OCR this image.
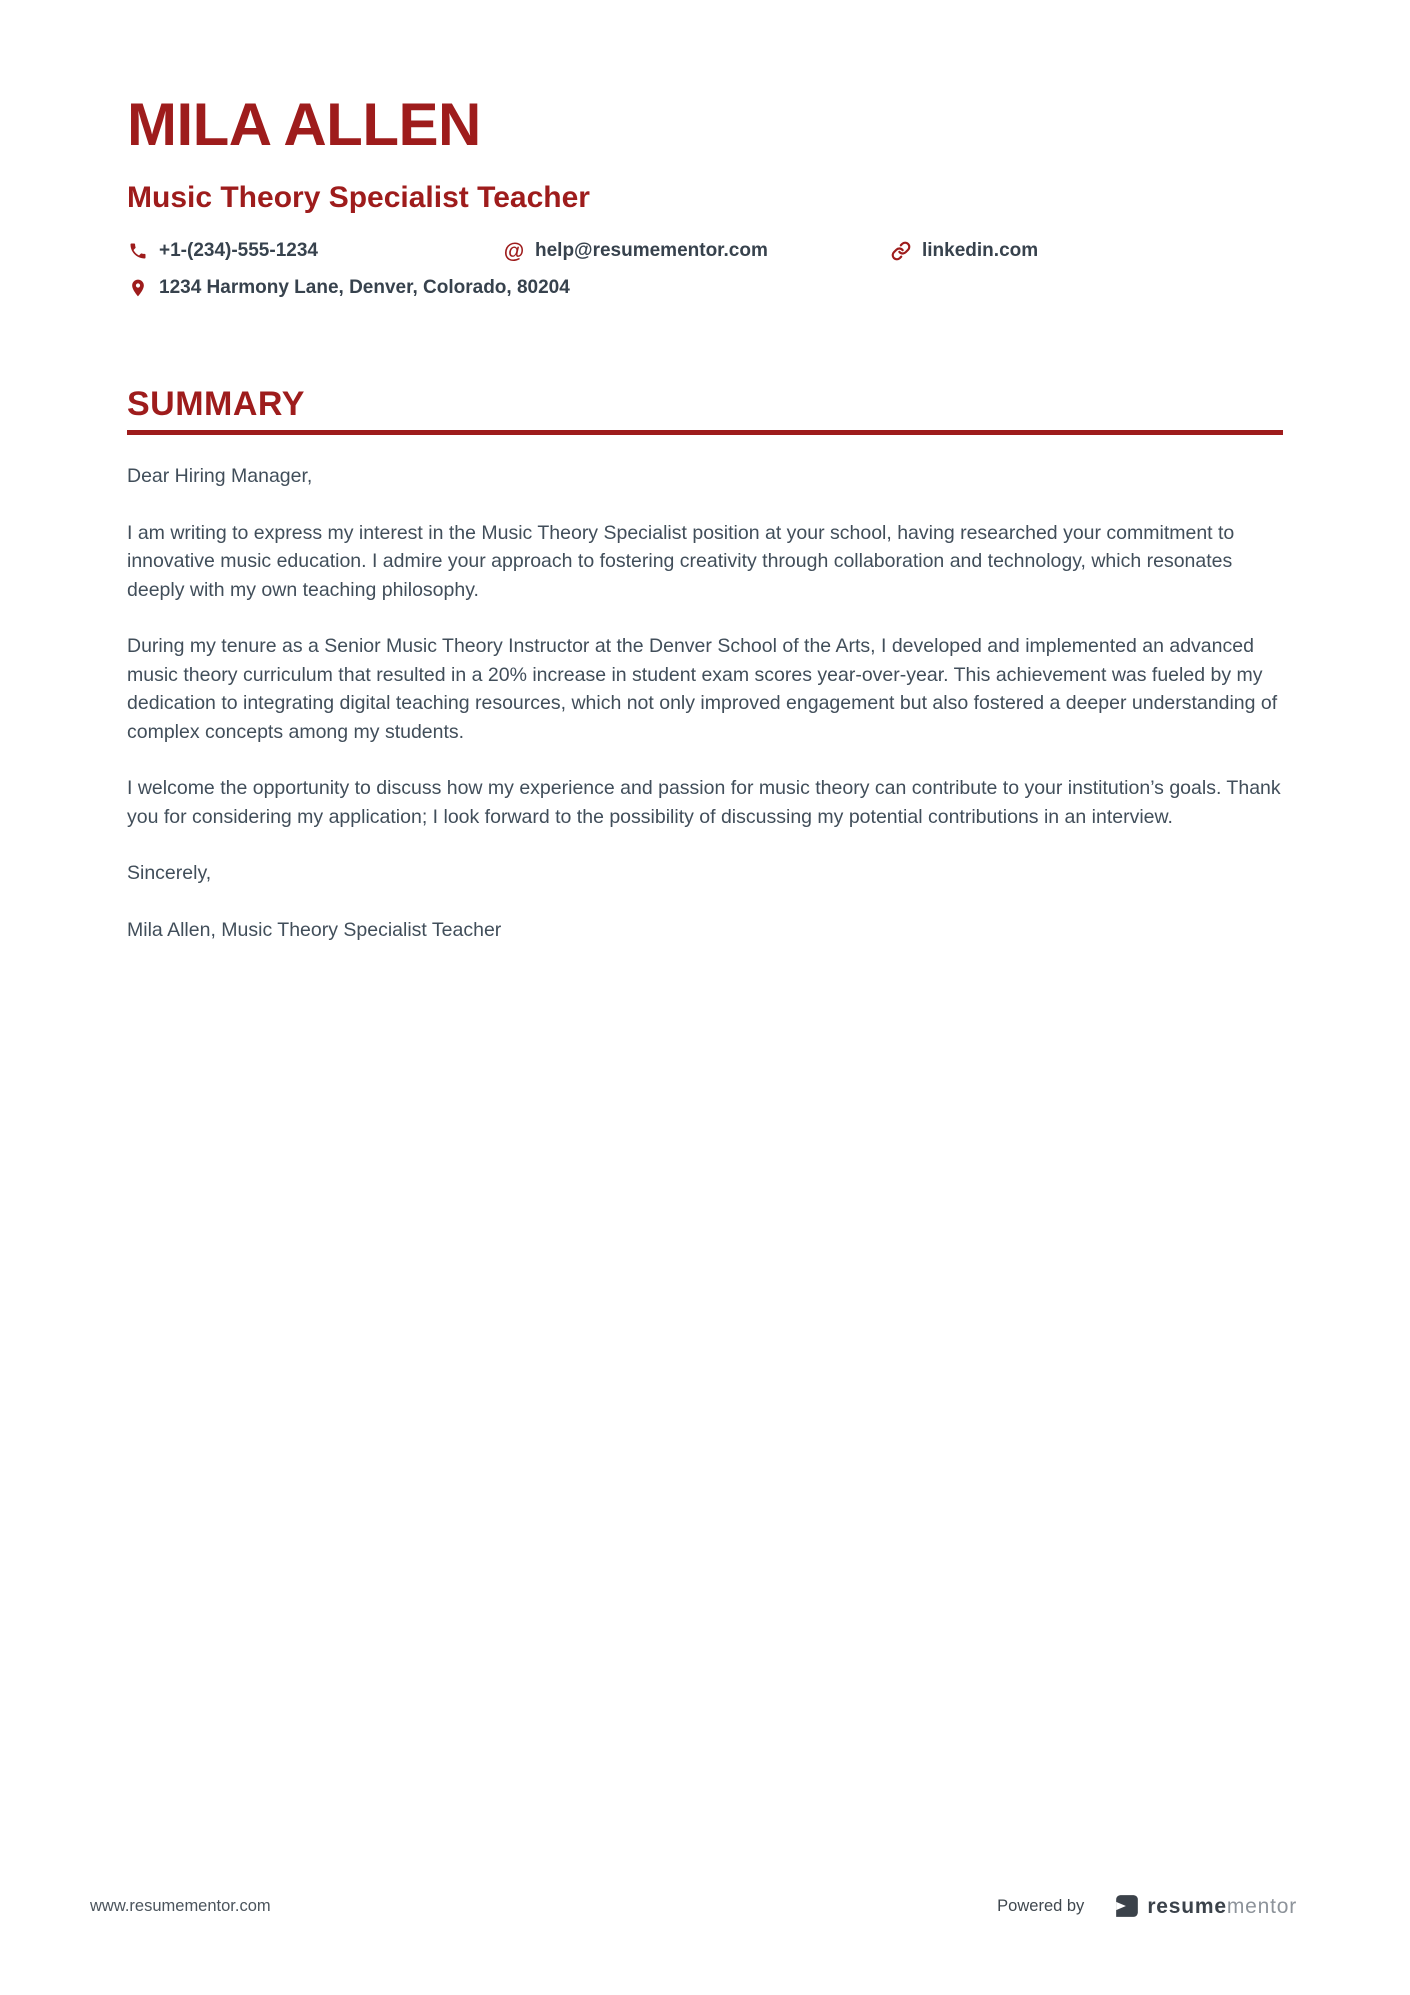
MILA ALLEN
Music Theory Specialist Teacher
+1-(234)-555-1234	@ help@resumementor.com	linkedin.com
1234 Harmony Lane, Denver, Colorado, 80204
SUMMARY

Dear Hiring Manager,

I am writing to express my interest in the Music Theory Specialist position at your school, having researched your commitment to innovative music education. I admire your approach to fostering creativity through collaboration and technology, which resonates deeply with my own teaching philosophy.

During my tenure as a Senior Music Theory Instructor at the Denver School of the Arts, I developed and implemented an advanced music theory curriculum that resulted in a 20% increase in student exam scores year-over-year. This achievement was fueled by my dedication to integrating digital teaching resources, which not only improved engagement but also fostered a deeper understanding of complex concepts among my students.

I welcome the opportunity to discuss how my experience and passion for music theory can contribute to your institution’s goals. Thank you for considering my application; I look forward to the possibility of discussing my potential contributions in an interview.

Sincerely,

Mila Allen, Music Theory Specialist Teacher

www.resumementor.com	Powered by	resumementor
